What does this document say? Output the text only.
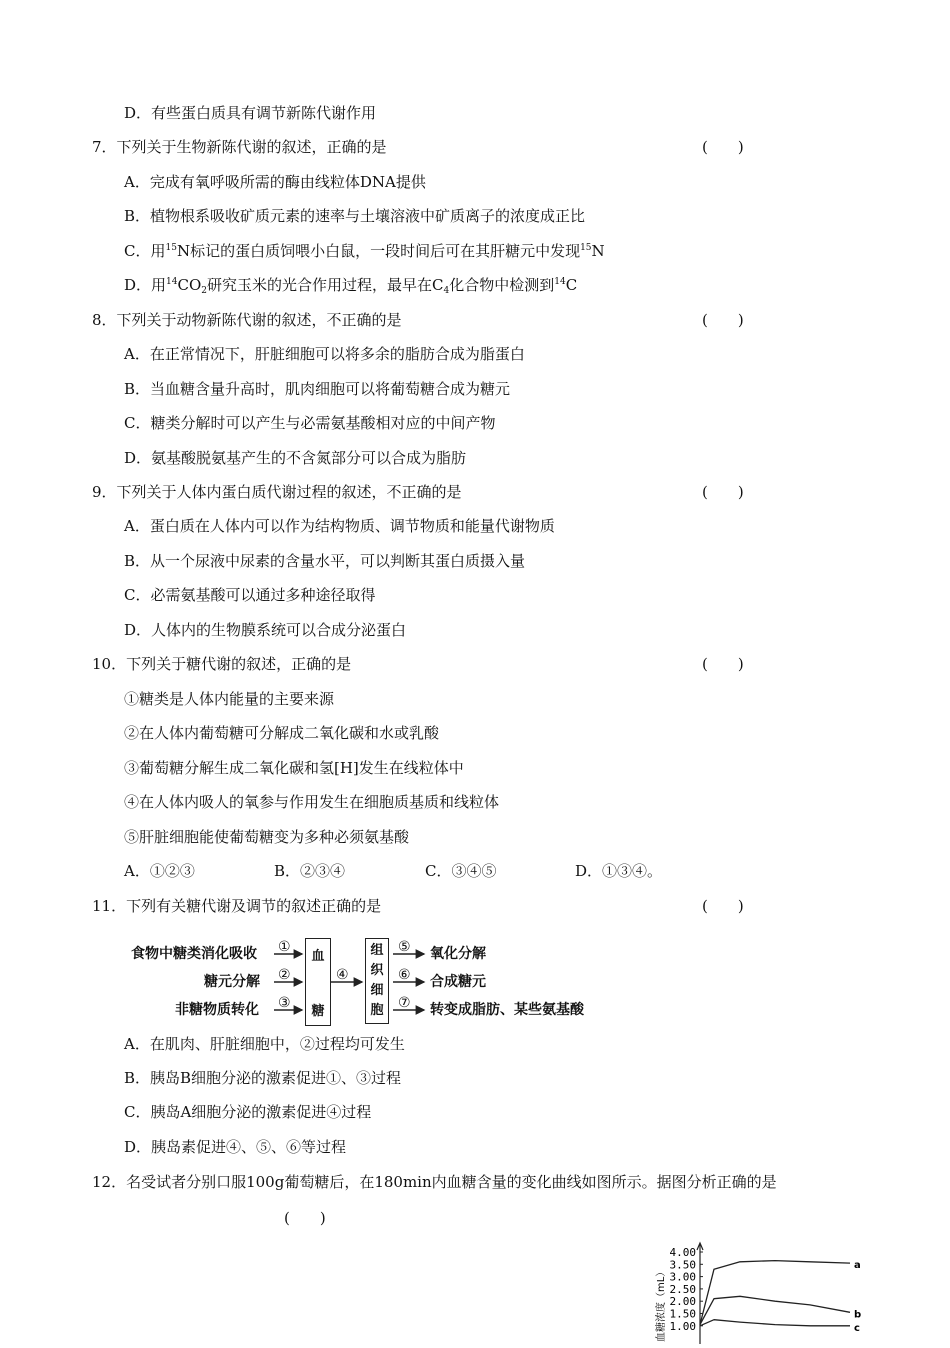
D．有些蛋白质具有调节新陈代谢作用
7．下列关于生物新陈代谢的叙述，正确的是	(　　)
A．完成有氧呼吸所需的酶由线粒体DNA提供
B．植物根系吸收矿质元素的速率与土壤溶液中矿质离子的浓度成正比
C．用$^{15}$N标记的蛋白质饲喂小白鼠，一段时间后可在其肝糖元中发现$^{15}$N
D．用$^{14}CO_2$研究玉米的光合作用过程，最早在$C_4$化合物中检测到$^{14}$C
8．下列关于动物新陈代谢的叙述，不正确的是	(　　)
A．在正常情况下，肝脏细胞可以将多余的脂肪合成为脂蛋白
B．当血糖含量升高时，肌肉细胞可以将葡萄糖合成为糖元
C．糖类分解时可以产生与必需氨基酸相对应的中间产物
D．氨基酸脱氨基产生的不含氮部分可以合成为脂肪
9．下列关于人体内蛋白质代谢过程的叙述，不正确的是	(　　)
A．蛋白质在人体内可以作为结构物质、调节物质和能量代谢物质
B．从一个尿液中尿素的含量水平，可以判断其蛋白质摄入量
C．必需氨基酸可以通过多种途径取得
D．人体内的生物膜系统可以合成分泌蛋白
10．下列关于糖代谢的叙述，正确的是	(　　)
①糖类是人体内能量的主要来源
②在人体内葡萄糖可分解成二氧化碳和水或乳酸
③葡萄糖分解生成二氧化碳和氢[H]发生在线粒体中
④在人体内吸人的氧参与作用发生在细胞质基质和线粒体
⑤肝脏细胞能使葡萄糖变为多种必须氨基酸
A．①②③	B．②③④	C．③④⑤	D．①③④。
11．下列有关糖代谢及调节的叙述正确的是	(　　)
食物中糖类消化吸收
糖元分解
非糖物质转化
①
②
③
血
糖
④
组
织
细
胞
⑤
⑥
⑦
氧化分解
合成糖元
转变成脂肪、某些氨基酸
A．在肌肉、肝脏细胞中，②过程均可发生
B．胰岛B细胞分泌的激素促进①、③过程
C．胰岛A细胞分泌的激素促进④过程
D．胰岛素促进④、⑤、⑥等过程
12．名受试者分别口服100g葡萄糖后，在180min内血糖含量的变化曲线如图所示。据图分析正确的是
(　　)
血糖浓度（mL）
4.00
3.50
3.00
2.50
2.00
1.50
1.00
a
b
c
